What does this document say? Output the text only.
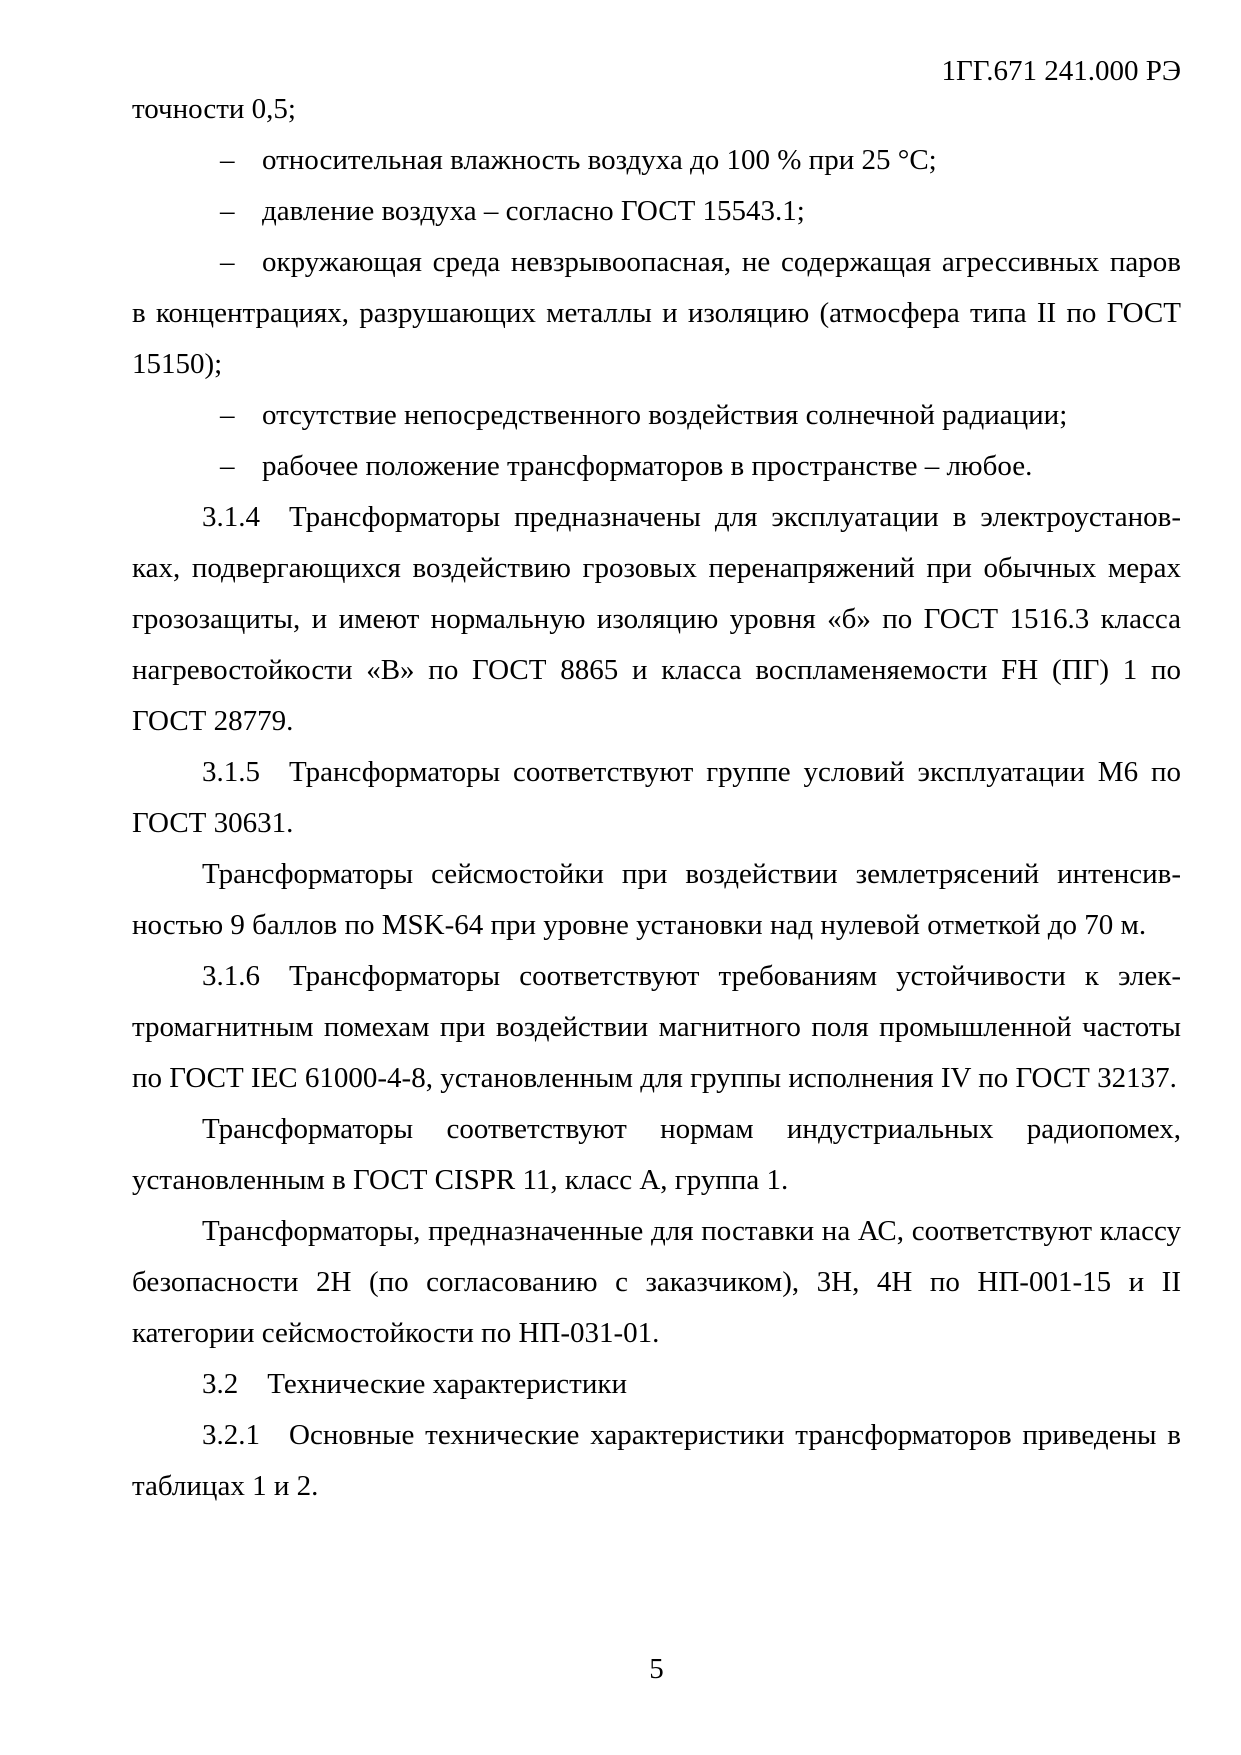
1ГГ.671 241.000 РЭ

точности 0,5;

– относительная влажность воздуха до 100 % при 25 °С;

– давление воздуха – согласно ГОСТ 15543.1;

– окружающая среда невзрывоопасная, не содержащая агрессивных паров в концентрациях, разрушающих металлы и изоляцию (атмосфера типа II по ГОСТ 15150);

– отсутствие непосредственного воздействия солнечной радиации;

– рабочее положение трансформаторов в пространстве – любое.

3.1.4 Трансформаторы предназначены для эксплуатации в электроустановках, подвергающихся воздействию грозовых перенапряжений при обычных мерах грозозащиты, и имеют нормальную изоляцию уровня «б» по ГОСТ 1516.3 класса нагревостойкости «В» по ГОСТ 8865 и класса воспламеняемости FH (ПГ) 1 по ГОСТ 28779.

3.1.5 Трансформаторы соответствуют группе условий эксплуатации М6 по ГОСТ 30631.

Трансформаторы сейсмостойки при воздействии землетрясений интенсивностью 9 баллов по MSK-64 при уровне установки над нулевой отметкой до 70 м.

3.1.6 Трансформаторы соответствуют требованиям устойчивости к электромагнитным помехам при воздействии магнитного поля промышленной частоты по ГОСТ IEC 61000-4-8, установленным для группы исполнения IV по ГОСТ 32137.

Трансформаторы соответствуют нормам индустриальных радиопомех, установленным в ГОСТ CISPR 11, класс А, группа 1.

Трансформаторы, предназначенные для поставки на АС, соответствуют классу безопасности 2Н (по согласованию с заказчиком), 3Н, 4Н по НП-001-15 и II категории сейсмостойкости по НП-031-01.

3.2 Технические характеристики

3.2.1 Основные технические характеристики трансформаторов приведены в таблицах 1 и 2.

5
